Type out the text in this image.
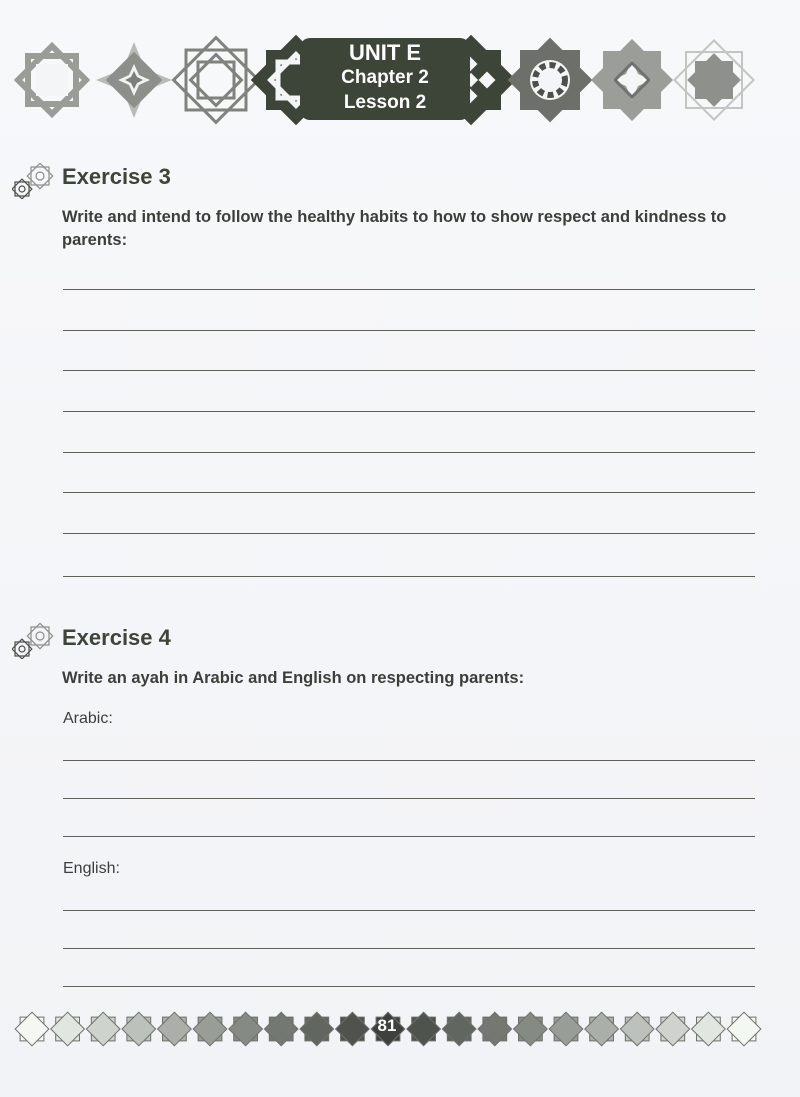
UNIT E
Chapter 2
Lesson 2
Exercise 3
Write and intend to follow the healthy habits to how to show respect and kindness to parents:
Exercise 4
Write an ayah in Arabic and English on respecting parents:
Arabic:
English:
81
